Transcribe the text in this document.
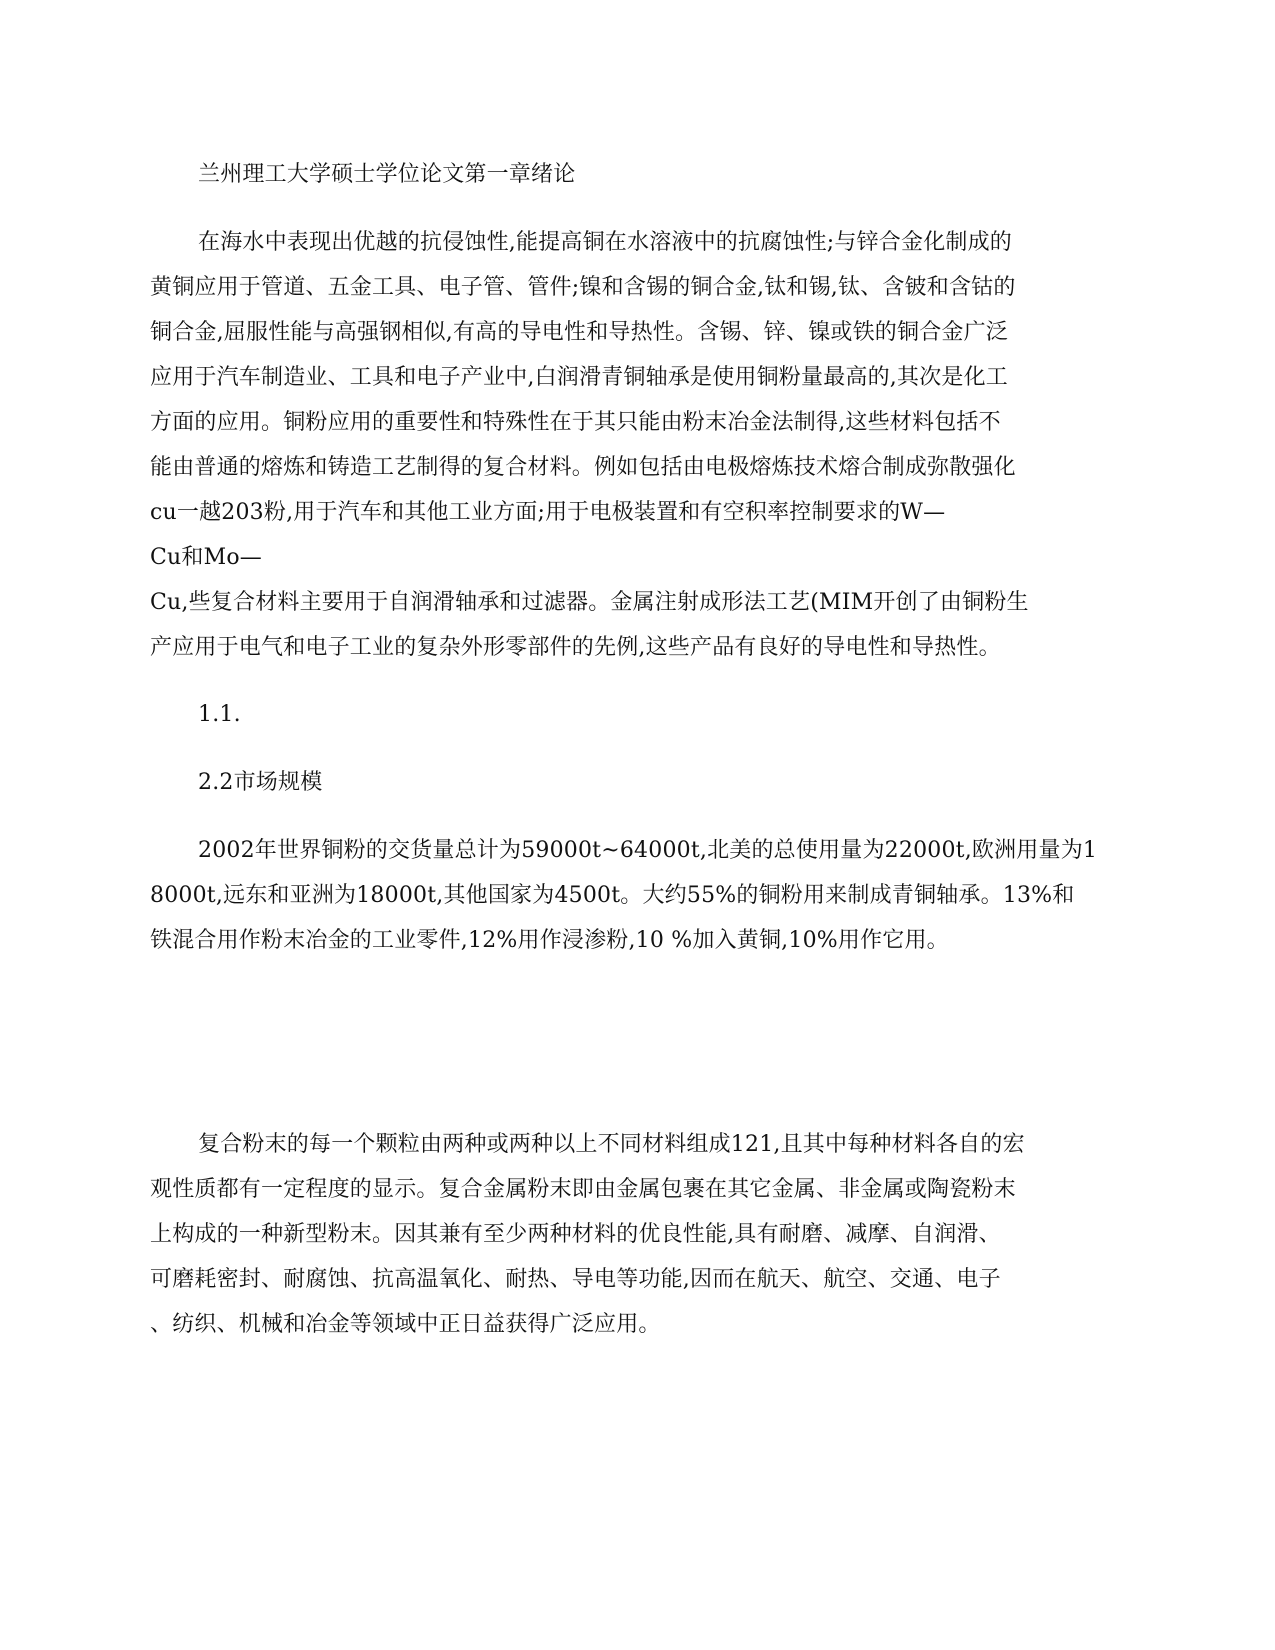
兰州理工大学硕士学位论文第一章绪论
在海水中表现出优越的抗侵蚀性,能提高铜在水溶液中的抗腐蚀性;与锌合金化制成的
黄铜应用于管道、五金工具、电子管、管件;镍和含锡的铜合金,钛和锡,钛、含铍和含钴的
铜合金,屈服性能与高强钢相似,有高的导电性和导热性。含锡、锌、镍或铁的铜合金广泛
应用于汽车制造业、工具和电子产业中,白润滑青铜轴承是使用铜粉量最高的,其次是化工
方面的应用。铜粉应用的重要性和特殊性在于其只能由粉末冶金法制得,这些材料包括不
能由普通的熔炼和铸造工艺制得的复合材料。例如包括由电极熔炼技术熔合制成弥散强化
cu一越203粉,用于汽车和其他工业方面;用于电极装置和有空积率控制要求的W—
Cu和Mo—
Cu,些复合材料主要用于自润滑轴承和过滤器。金属注射成形法工艺(MIM开创了由铜粉生
产应用于电气和电子工业的复杂外形零部件的先例,这些产品有良好的导电性和导热性。
1.1.
2.2市场规模
2002年世界铜粉的交货量总计为59000t~64000t,北美的总使用量为22000t,欧洲用量为1
8000t,远东和亚洲为18000t,其他国家为4500t。大约55%的铜粉用来制成青铜轴承。13%和
铁混合用作粉末冶金的工业零件,12%用作浸渗粉,10 %加入黄铜,10%用作它用。
复合粉末的每一个颗粒由两种或两种以上不同材料组成121,且其中每种材料各自的宏
观性质都有一定程度的显示。复合金属粉末即由金属包裹在其它金属、非金属或陶瓷粉末
上构成的一种新型粉末。因其兼有至少两种材料的优良性能,具有耐磨、减摩、自润滑、
可磨耗密封、耐腐蚀、抗高温氧化、耐热、导电等功能,因而在航天、航空、交通、电子
、纺织、机械和冶金等领域中正日益获得广泛应用。
